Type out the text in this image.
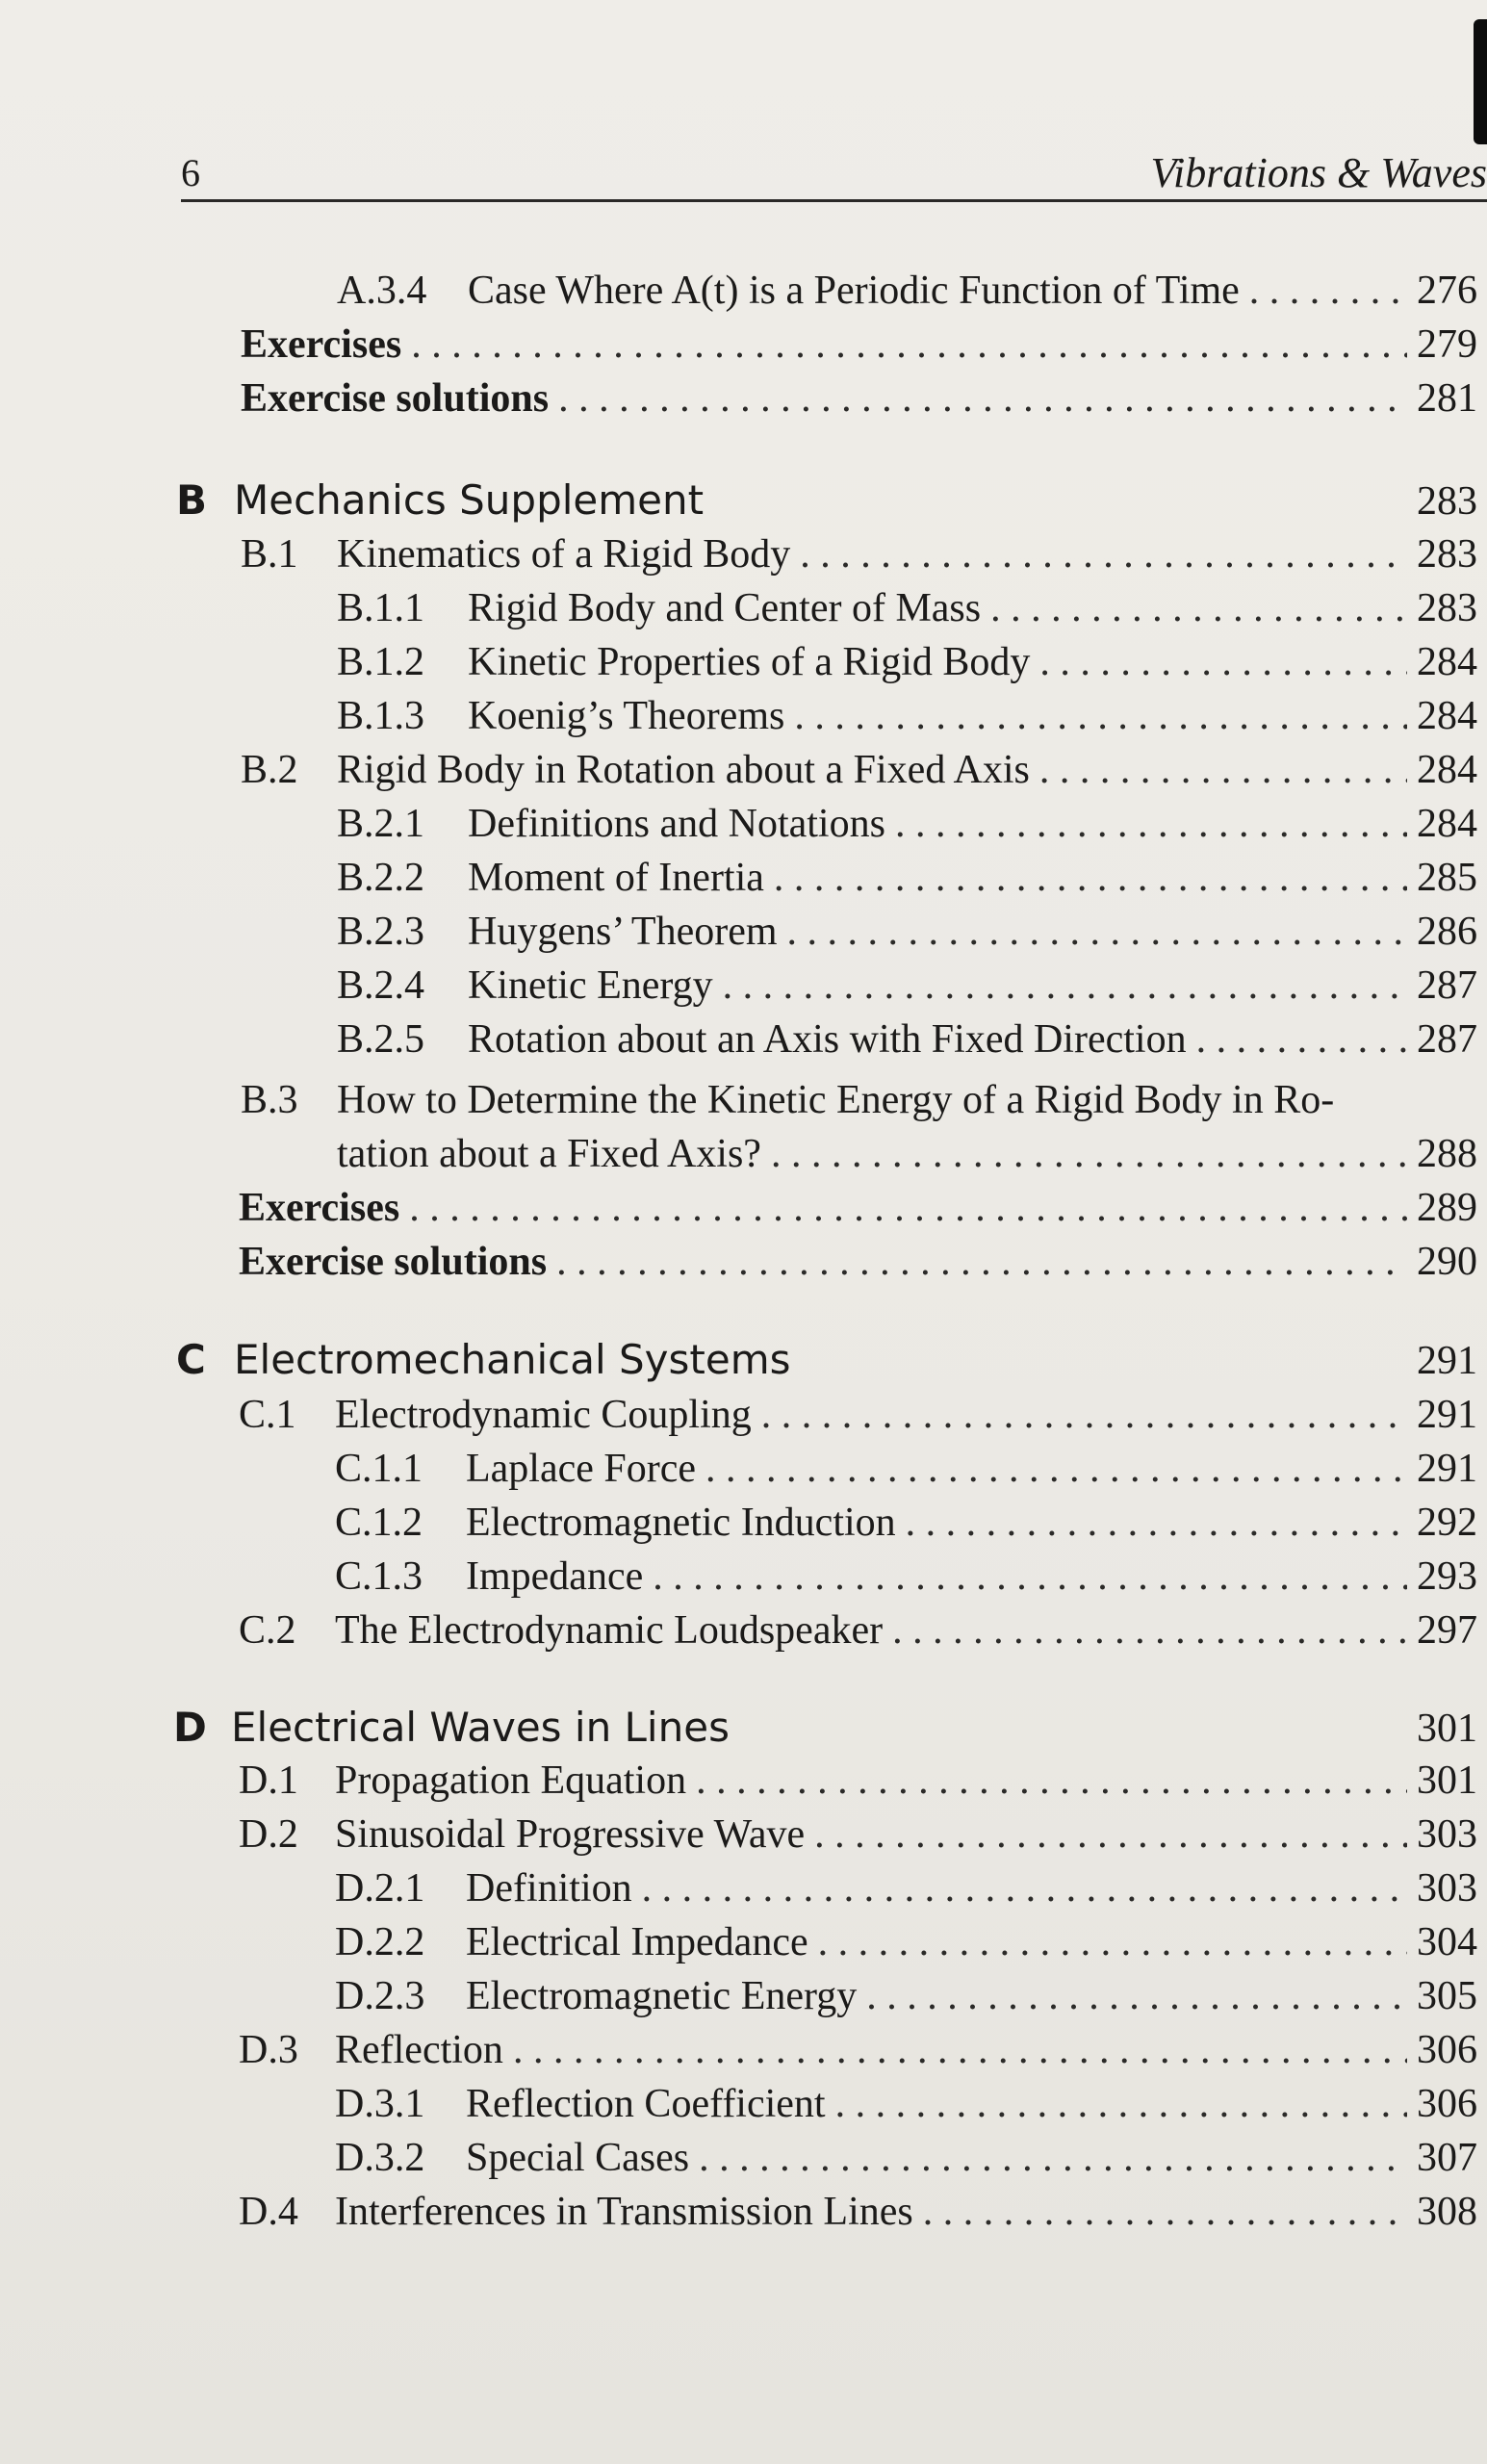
6	Vibrations & Waves
A.3.4	Case Where A(t) is a Periodic Function of Time . . .	276
Exercises . . .	279
Exercise solutions . . .	281
B Mechanics Supplement	283
B.1 Kinematics of a Rigid Body . . .	283
B.1.1	Rigid Body and Center of Mass . . .	283
B.1.2	Kinetic Properties of a Rigid Body . . .	284
B.1.3	Koenig’s Theorems . . .	284
B.2 Rigid Body in Rotation about a Fixed Axis . . .	284
B.2.1	Definitions and Notations . . .	284
B.2.2	Moment of Inertia . . .	285
B.2.3	Huygens’ Theorem . . .	286
B.2.4	Kinetic Energy . . .	287
B.2.5	Rotation about an Axis with Fixed Direction . . .	287
B.3 How to Determine the Kinetic Energy of a Rigid Body in Ro-
tation about a Fixed Axis? . . .	288
Exercises . . .	289
Exercise solutions . . .	290
C Electromechanical Systems	291
C.1 Electrodynamic Coupling . . .	291
C.1.1	Laplace Force . . .	291
C.1.2	Electromagnetic Induction . . .	292
C.1.3	Impedance . . .	293
C.2 The Electrodynamic Loudspeaker . . .	297
D Electrical Waves in Lines	301
D.1 Propagation Equation . . .	301
D.2 Sinusoidal Progressive Wave . . .	303
D.2.1	Definition . . .	303
D.2.2	Electrical Impedance . . .	304
D.2.3	Electromagnetic Energy . . .	305
D.3 Reflection . . .	306
D.3.1	Reflection Coefficient . . .	306
D.3.2	Special Cases . . .	307
D.4 Interferences in Transmission Lines . . .	308
